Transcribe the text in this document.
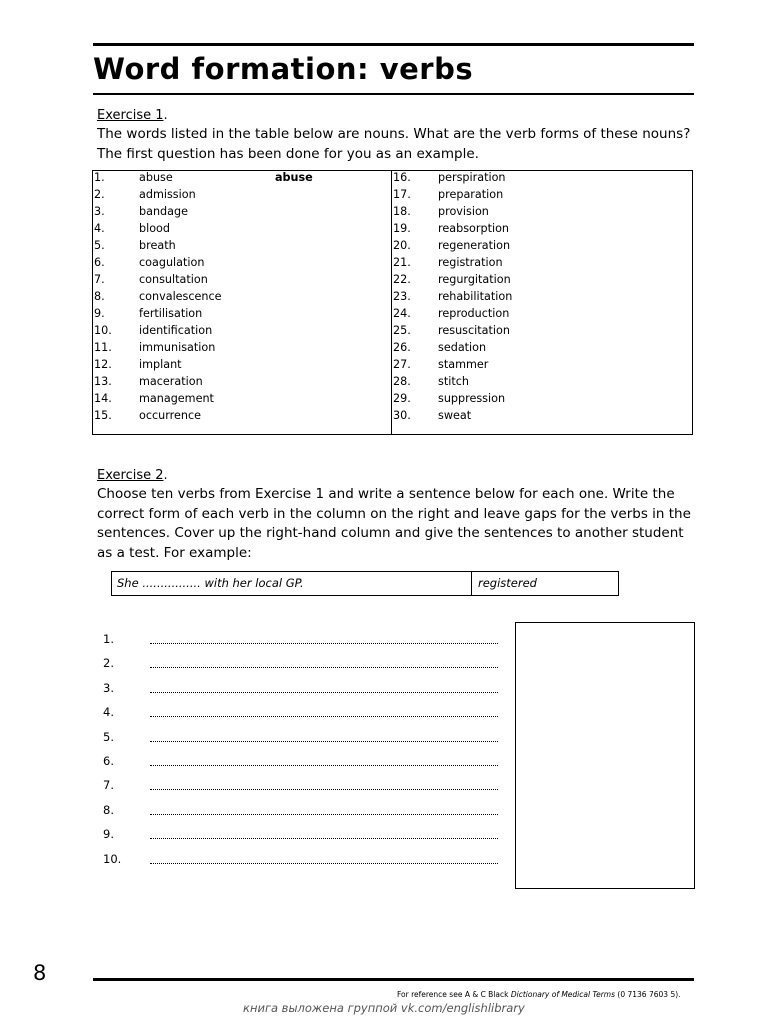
Word formation: verbs
Exercise 1.
The words listed in the table below are nouns. What are the verb forms of these nouns? The first question has been done for you as an example.
1.	abuse	abuse
2.	admission
3.	bandage
4.	blood
5.	breath
6.	coagulation
7.	consultation
8.	convalescence
9.	fertilisation
10. identification
11. immunisation
12. implant
13. maceration
14. management
15. occurrence
16. perspiration
17. preparation
18. provision
19. reabsorption
20. regeneration
21. registration
22. regurgitation
23. rehabilitation
24. reproduction
25. resuscitation
26. sedation
27. stammer
28. stitch
29. suppression
30. sweat
Exercise 2.
Choose ten verbs from Exercise 1 and write a sentence below for each one. Write the correct form of each verb in the column on the right and leave gaps for the verbs in the sentences. Cover up the right-hand column and give the sentences to another student as a test. For example:
She ................ with her local GP.	registered
1.
2.
3.
4.
5.
6.
7.
8.
9.
10.
8
For reference see A & C Black Dictionary of Medical Terms (0 7136 7603 5).
книга выложена группой vk.com/englishlibrary
